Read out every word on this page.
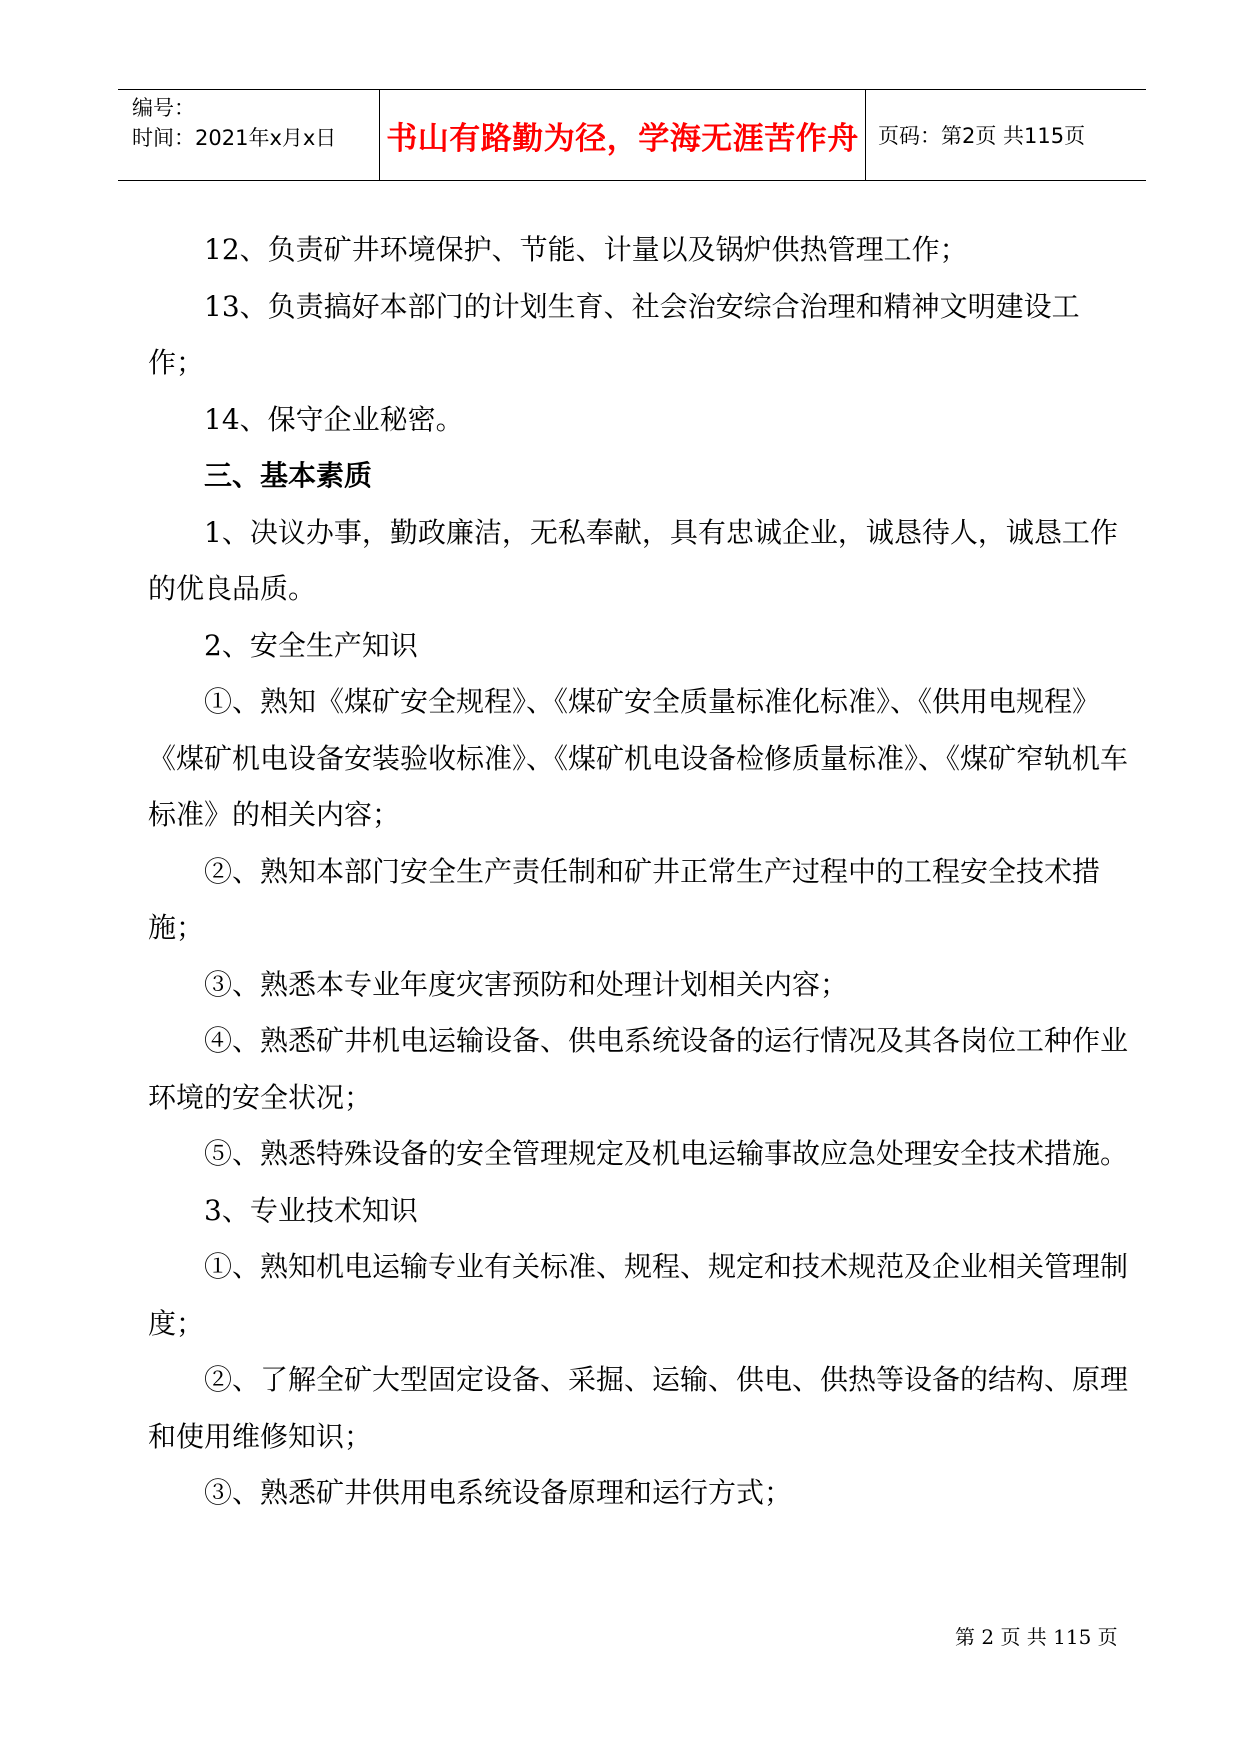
编号：
时间：2021年x月x日	书山有路勤为径，学海无涯苦作舟 页码：第2页 共115页

12、负责矿井环境保护、节能、计量以及锅炉供热管理工作；

13、负责搞好本部门的计划生育、社会治安综合治理和精神文明建设工作；

14、保守企业秘密。

三、基本素质

1、决议办事，勤政廉洁，无私奉献，具有忠诚企业，诚恳待人，诚恳工作的优良品质。

2、安全生产知识

①、熟知《煤矿安全规程》、《煤矿安全质量标准化标准》、《供用电规程》

《煤矿机电设备安装验收标准》、《煤矿机电设备检修质量标准》、《煤矿窄轨机车标准》的相关内容；

②、熟知本部门安全生产责任制和矿井正常生产过程中的工程安全技术措施；

③、熟悉本专业年度灾害预防和处理计划相关内容；

④、熟悉矿井机电运输设备、供电系统设备的运行情况及其各岗位工种作业环境的安全状况；

⑤、熟悉特殊设备的安全管理规定及机电运输事故应急处理安全技术措施。

3、专业技术知识

①、熟知机电运输专业有关标准、规程、规定和技术规范及企业相关管理制度；

②、了解全矿大型固定设备、采掘、运输、供电、供热等设备的结构、原理和使用维修知识；

③、熟悉矿井供用电系统设备原理和运行方式；

第 2 页 共 115 页
